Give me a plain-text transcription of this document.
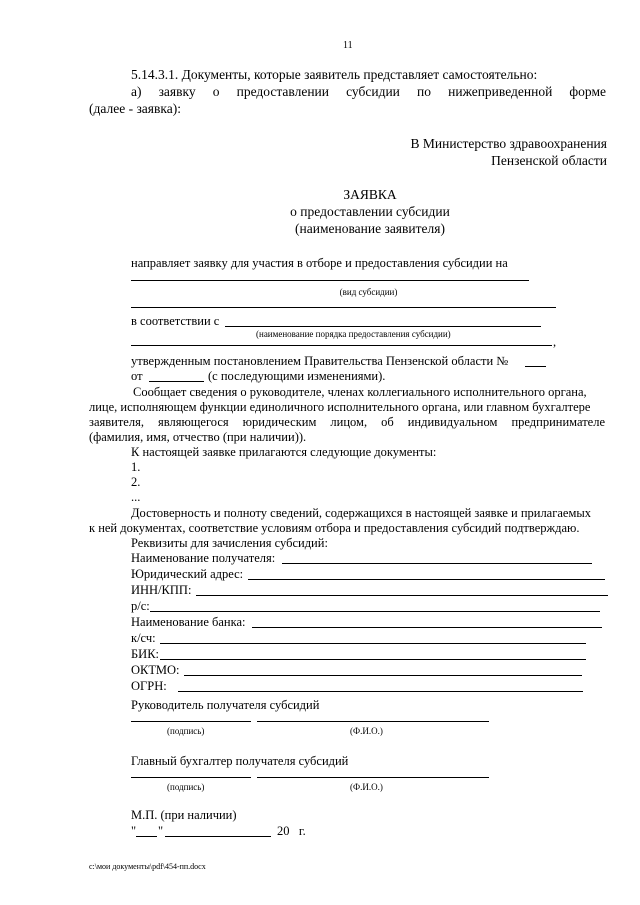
11
5.14.3.1. Документы, которые заявитель представляет самостоятельно:
а) заявку о предоставлении субсидии по нижеприведенной форме
(далее - заявка):
В Министерство здравоохранения
Пензенской области
ЗАЯВКА
о предоставлении субсидии
(наименование заявителя)
направляет заявку для участия в отборе и предоставления субсидии на
(вид субсидии)
в соответствии с
(наименование порядка предоставления субсидии)
,
утвержденным постановлением Правительства Пензенской области №
от	(с последующими изменениями).
Сообщает сведения о руководителе, членах коллегиального исполнительного органа,
лице, исполняющем функции единоличного исполнительного органа, или главном бухгалтере
заявителя, являющегося юридическим лицом, об индивидуальном предпринимателе
(фамилия, имя, отчество (при наличии)).
К настоящей заявке прилагаются следующие документы:
1.
2.
...
Достоверность и полноту сведений, содержащихся в настоящей заявке и прилагаемых
к ней документах, соответствие условиям отбора и предоставления субсидий подтверждаю.
Реквизиты для зачисления субсидий:
Наименование получателя:
Юридический адрес:
ИНН/КПП:
р/с:
Наименование банка:
к/сч:
БИК:
ОКТМО:
ОГРН:
Руководитель получателя субсидий
(подпись)	(Ф.И.О.)
Главный бухгалтер получателя субсидий
(подпись)	(Ф.И.О.)
М.П. (при наличии)
" "	20   г.
c:\мои документы\pdf\454-пп.docx
